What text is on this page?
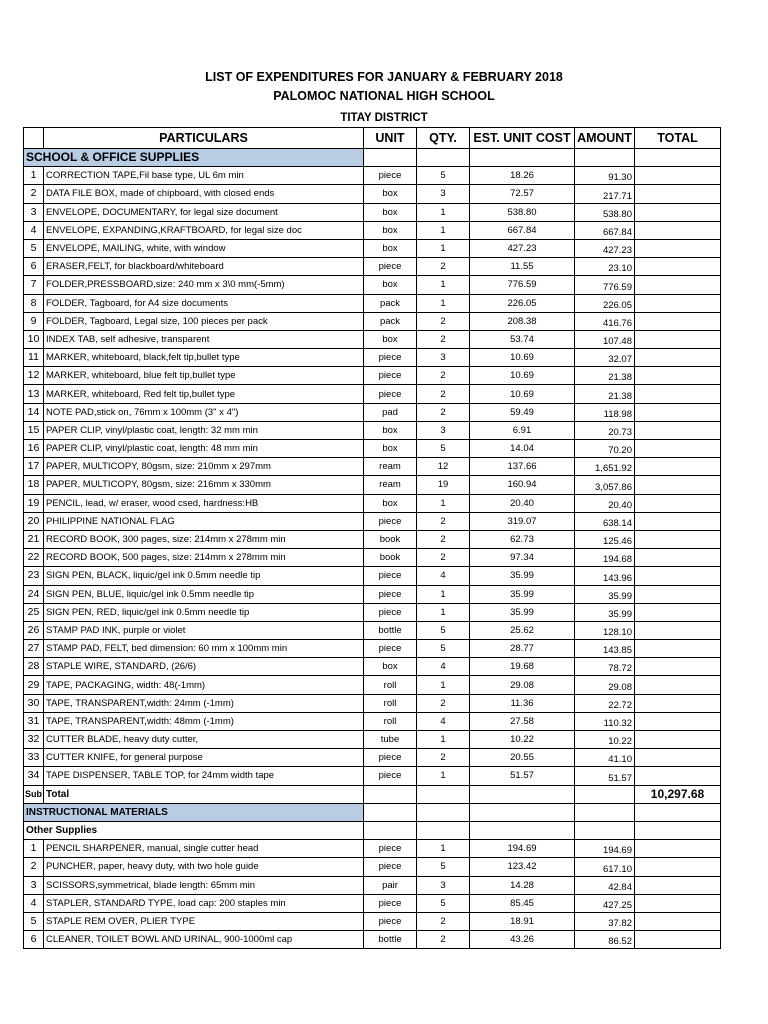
LIST OF EXPENDITURES FOR JANUARY & FEBRUARY 2018
PALOMOC NATIONAL HIGH SCHOOL
TITAY DISTRICT
	PARTICULARS	UNIT	QTY.	EST. UNIT COST	AMOUNT	TOTAL
SCHOOL & OFFICE SUPPLIES						
1	CORRECTION TAPE,Fil base type, UL 6m min	piece	5	18.26	91.30	
2	DATA FILE BOX, made of chipboard, with closed ends	box	3	72.57	217.71	
3	ENVELOPE, DOCUMENTARY, for legal size document	box	1	538.80	538.80	
4	ENVELOPE, EXPANDING,KRAFTBOARD, for legal size doc	box	1	667.84	667.84	
5	ENVELOPE, MAILING, white, with window	box	1	427.23	427.23	
6	ERASER,FELT, for blackboard/whiteboard	piece	2	11.55	23.10	
7	FOLDER,PRESSBOARD,size: 240 mm x 3\0 mm(-5mm)	box	1	776.59	776.59	
8	FOLDER, Tagboard, for A4 size documents	pack	1	226.05	226.05	
9	FOLDER, Tagboard, Legal size, 100 pieces per pack	pack	2	208.38	416.76	
10	INDEX TAB, self adhesive, transparent	box	2	53.74	107.48	
11	MARKER, whiteboard, black,felt tip,bullet type	piece	3	10.69	32.07	
12	MARKER, whiteboard, blue felt tip,bullet type	piece	2	10.69	21.38	
13	MARKER, whiteboard, Red felt tip,bullet type	piece	2	10.69	21.38	
14	NOTE PAD,stick on, 76mm x 100mm (3" x 4")	pad	2	59.49	118.98	
15	PAPER CLIP, vinyl/plastic coat, length: 32 mm min	box	3	6.91	20.73	
16	PAPER CLIP, vinyl/plastic coat, length: 48 mm min	box	5	14.04	70.20	
17	PAPER, MULTICOPY, 80gsm, size: 210mm x 297mm	ream	12	137.66	1,651.92	
18	PAPER, MULTICOPY, 80gsm, size: 216mm x 330mm	ream	19	160.94	3,057.86	
19	PENCIL, lead, w/ eraser, wood csed, hardness:HB	box	1	20.40	20.40	
20	PHILIPPINE NATIONAL FLAG	piece	2	319.07	638.14	
21	RECORD BOOK, 300 pages, size: 214mm x 278mm min	book	2	62.73	125.46	
22	RECORD BOOK, 500 pages, size: 214mm x 278mm min	book	2	97.34	194.68	
23	SIGN PEN, BLACK, liquic/gel ink 0.5mm needle tip	piece	4	35.99	143.96	
24	SIGN PEN, BLUE, liquic/gel ink 0.5mm needle tip	piece	1	35.99	35.99	
25	SIGN PEN, RED, liquic/gel ink 0.5mm needle tip	piece	1	35.99	35.99	
26	STAMP PAD INK, purple or violet	bottle	5	25.62	128.10	
27	STAMP PAD, FELT, bed dimension: 60 mm x 100mm min	piece	5	28.77	143.85	
28	STAPLE WIRE, STANDARD, (26/6)	box	4	19.68	78.72	
29	TAPE, PACKAGING, width: 48(-1mm)	roll	1	29.08	29.08	
30	TAPE, TRANSPARENT,width: 24mm (-1mm)	roll	2	11.36	22.72	
31	TAPE, TRANSPARENT,width: 48mm (-1mm)	roll	4	27.58	110.32	
32	CUTTER BLADE, heavy duty cutter,	tube	1	10.22	10.22	
33	CUTTER KNIFE, for general purpose	piece	2	20.55	41.10	
34	TAPE DISPENSER, TABLE TOP, for 24mm width tape	piece	1	51.57	51.57	
Sub	Total					10,297.68
INSTRUCTIONAL MATERIALS						
Other Supplies						
1	PENCIL SHARPENER, manual, single cutter head	piece	1	194.69	194.69	
2	PUNCHER, paper, heavy duty, with two hole guide	piece	5	123.42	617.10	
3	SCISSORS,symmetrical, blade length: 65mm min	pair	3	14.28	42.84	
4	STAPLER, STANDARD TYPE, load cap: 200 staples min	piece	5	85.45	427.25	
5	STAPLE REM OVER, PLIER TYPE	piece	2	18.91	37.82	
6	CLEANER, TOILET BOWL AND URINAL, 900-1000ml cap	bottle	2	43.26	86.52	
